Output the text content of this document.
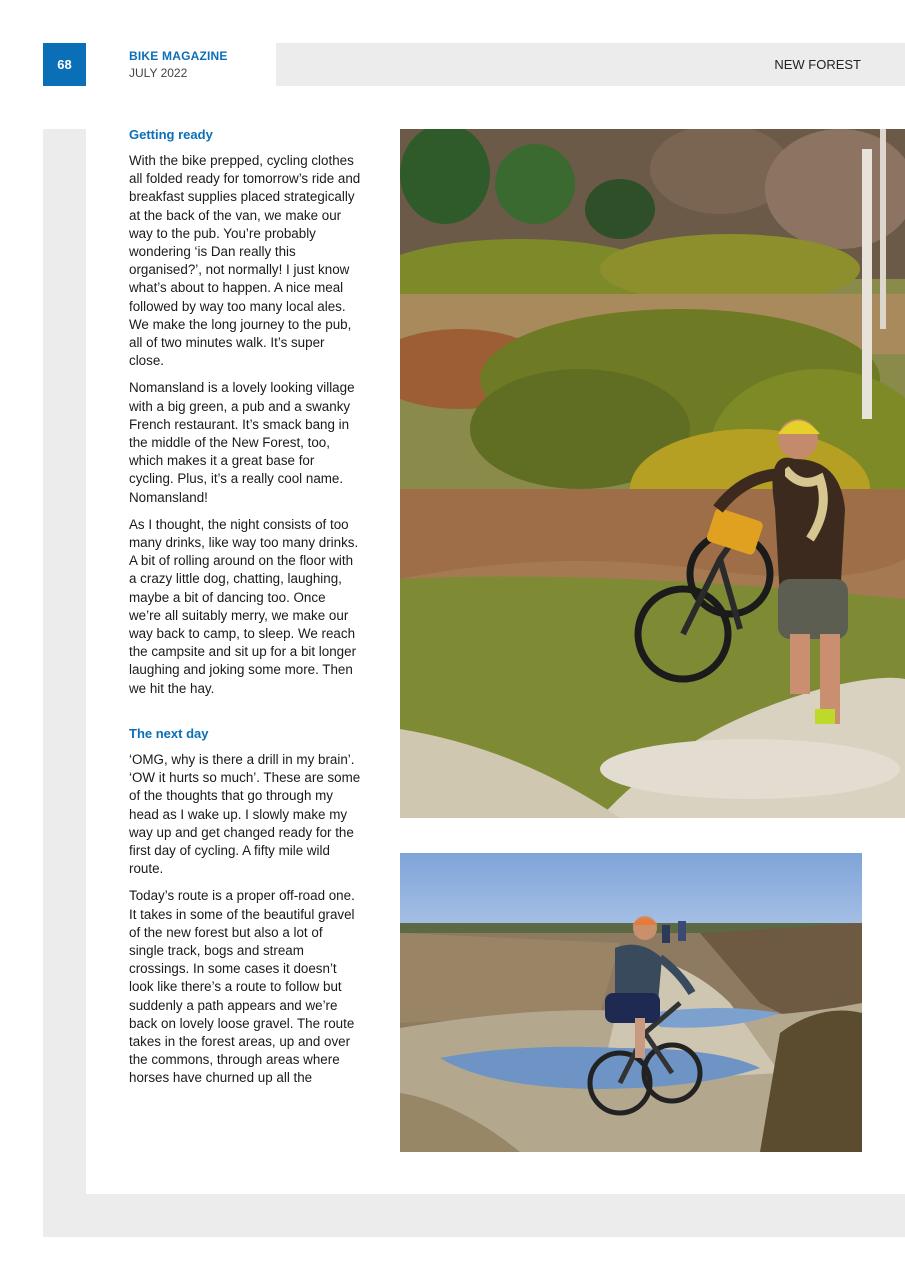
68
BIKE MAGAZINE
JULY 2022
NEW FOREST
Getting ready

With the bike prepped, cycling clothes all folded ready for tomorrow’s ride and breakfast supplies placed strategically at the back of the van, we make our way to the pub. You’re probably wondering ‘is Dan really this organised?’, not normally! I just know what’s about to happen. A nice meal followed by way too many local ales. We make the long journey to the pub, all of two minutes walk. It’s super close.

Nomansland is a lovely looking village with a big green, a pub and a swanky French restaurant. It’s smack bang in the middle of the New Forest, too, which makes it a great base for cycling. Plus, it’s a really cool name. Nomansland!

As I thought, the night consists of too many drinks, like way too many drinks. A bit of rolling around on the floor with a crazy little dog, chatting, laughing, maybe a bit of dancing too. Once we’re all suitably merry, we make our way back to camp, to sleep. We reach the campsite and sit up for a bit longer laughing and joking some more. Then we hit the hay.

The next day

‘OMG, why is there a drill in my brain’. ‘OW it hurts so much’. These are some of the thoughts that go through my head as I wake up. I slowly make my way up and get changed ready for the first day of cycling. A fifty mile wild route.

Today’s route is a proper off-road one. It takes in some of the beautiful gravel of the new forest but also a lot of single track, bogs and stream crossings. In some cases it doesn’t look like there’s a route to follow but suddenly a path appears and we’re back on lovely loose gravel. The route takes in the forest areas, up and over the commons, through areas where horses have churned up all the
